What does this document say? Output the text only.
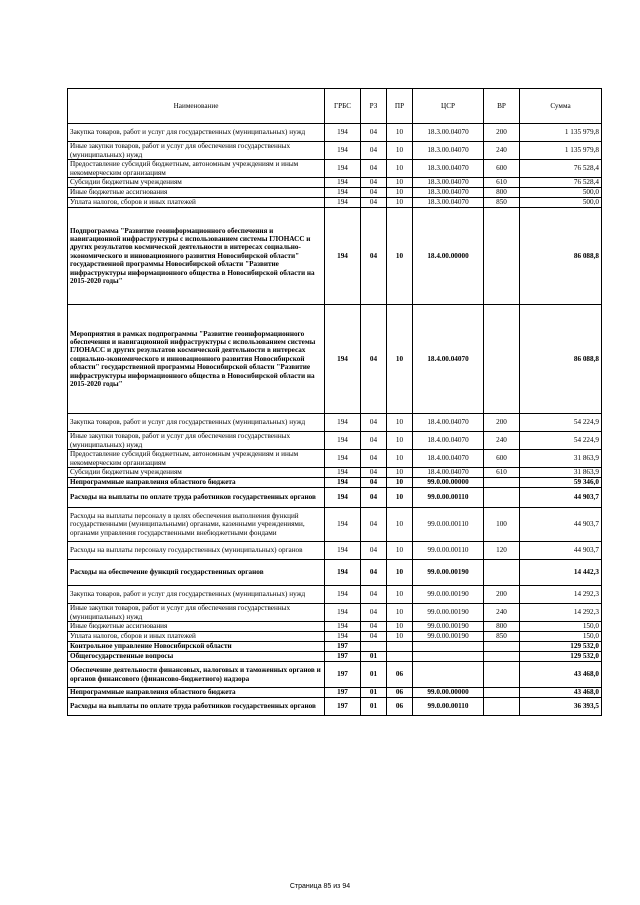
Наименование	ГРБС	РЗ	ПР	ЦСР	ВР	Сумма
Закупка товаров, работ и услуг для государственных (муниципальных) нужд	194	04	10	18.3.00.04070	200	1 135 979,8
Иные закупки товаров, работ и услуг для обеспечения государственных (муниципальных) нужд	194	04	10	18.3.00.04070	240	1 135 979,8
Предоставление субсидий бюджетным, автономным учреждениям и иным некоммерческим организациям	194	04	10	18.3.00.04070	600	76 528,4
Субсидии бюджетным учреждениям	194	04	10	18.3.00.04070	610	76 528,4
Иные бюджетные ассигнования	194	04	10	18.3.00.04070	800	500,0
Уплата налогов, сборов и иных платежей	194	04	10	18.3.00.04070	850	500,0
Подпрограмма "Развитие геоинформационного обеспечения и навигационной инфраструктуры с использованием системы ГЛОНАСС и других результатов космической деятельности в интересах социально-экономического и инновационного развития Новосибирской области" государственной программы Новосибирской области "Развитие инфраструктуры информационного общества в Новосибирской области на 2015-2020 годы"	194	04	10	18.4.00.00000		86 088,8
Мероприятия в рамках подпрограммы "Развитие геоинформационного обеспечения и навигационной инфраструктуры с использованием системы ГЛОНАСС и других результатов космической деятельности в интересах социально-экономического и инновационного развития Новосибирской области" государственной программы Новосибирской области "Развитие инфраструктуры информационного общества в Новосибирской области на 2015-2020 годы"	194	04	10	18.4.00.04070		86 088,8
Закупка товаров, работ и услуг для государственных (муниципальных) нужд	194	04	10	18.4.00.04070	200	54 224,9
Иные закупки товаров, работ и услуг для обеспечения государственных (муниципальных) нужд	194	04	10	18.4.00.04070	240	54 224,9
Предоставление субсидий бюджетным, автономным учреждениям и иным некоммерческим организациям	194	04	10	18.4.00.04070	600	31 863,9
Субсидии бюджетным учреждениям	194	04	10	18.4.00.04070	610	31 863,9
Непрограммные направления областного бюджета	194	04	10	99.0.00.00000		59 346,0
Расходы на выплаты по оплате труда работников государственных органов	194	04	10	99.0.00.00110		44 903,7
Расходы на выплаты персоналу в целях обеспечения выполнения функций государственными (муниципальными) органами, казенными учреждениями, органами управления государственными внебюджетными фондами	194	04	10	99.0.00.00110	100	44 903,7
Расходы на выплаты персоналу государственных (муниципальных) органов	194	04	10	99.0.00.00110	120	44 903,7
Расходы на обеспечение функций государственных органов	194	04	10	99.0.00.00190		14 442,3
Закупка товаров, работ и услуг для государственных (муниципальных) нужд	194	04	10	99.0.00.00190	200	14 292,3
Иные закупки товаров, работ и услуг для обеспечения государственных (муниципальных) нужд	194	04	10	99.0.00.00190	240	14 292,3
Иные бюджетные ассигнования	194	04	10	99.0.00.00190	800	150,0
Уплата налогов, сборов и иных платежей	194	04	10	99.0.00.00190	850	150,0
Контрольное управление Новосибирской области	197					129 532,0
Общегосударственные вопросы	197	01				129 532,0
Обеспечение деятельности финансовых, налоговых и таможенных органов и органов финансового (финансово-бюджетного) надзора	197	01	06			43 468,0
Непрограммные направления областного бюджета	197	01	06	99.0.00.00000		43 468,0
Расходы на выплаты по оплате труда работников государственных органов	197	01	06	99.0.00.00110		36 393,5
Страница 85 из 94
